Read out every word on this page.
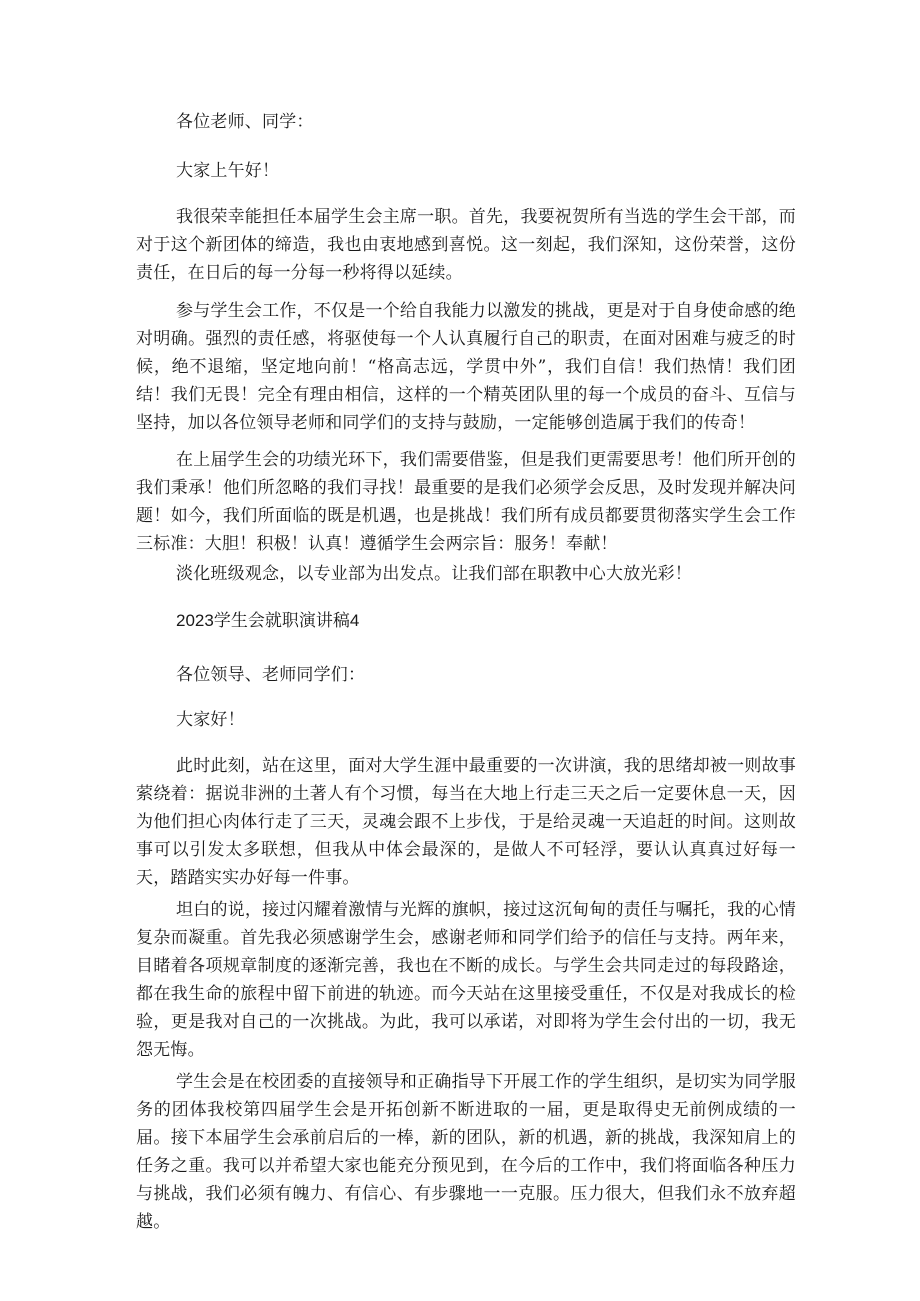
各位老师、同学：

大家上午好！

我很荣幸能担任本届学生会主席一职。首先，我要祝贺所有当选的学生会干部，而对于这个新团体的缔造，我也由衷地感到喜悦。这一刻起，我们深知，这份荣誉，这份责任，在日后的每一分每一秒将得以延续。

参与学生会工作，不仅是一个给自我能力以激发的挑战，更是对于自身使命感的绝对明确。强烈的责任感，将驱使每一个人认真履行自己的职责，在面对困难与疲乏的时候，绝不退缩，坚定地向前！“格高志远，学贯中外”，我们自信！我们热情！我们团结！我们无畏！完全有理由相信，这样的一个精英团队里的每一个成员的奋斗、互信与坚持，加以各位领导老师和同学们的支持与鼓励，一定能够创造属于我们的传奇！

在上届学生会的功绩光环下，我们需要借鉴，但是我们更需要思考！他们所开创的我们秉承！他们所忽略的我们寻找！最重要的是我们必须学会反思，及时发现并解决问题！如今，我们所面临的既是机遇，也是挑战！我们所有成员都要贯彻落实学生会工作三标准：大胆！积极！认真！遵循学生会两宗旨：服务！奉献！

淡化班级观念，以专业部为出发点。让我们部在职教中心大放光彩！

2023学生会就职演讲稿4

各位领导、老师同学们：

大家好！

此时此刻，站在这里，面对大学生涯中最重要的一次讲演，我的思绪却被一则故事萦绕着：据说非洲的土著人有个习惯，每当在大地上行走三天之后一定要休息一天，因为他们担心肉体行走了三天，灵魂会跟不上步伐，于是给灵魂一天追赶的时间。这则故事可以引发太多联想，但我从中体会最深的，是做人不可轻浮，要认认真真过好每一天，踏踏实实办好每一件事。

坦白的说，接过闪耀着激情与光辉的旗帜，接过这沉甸甸的责任与嘱托，我的心情复杂而凝重。首先我必须感谢学生会，感谢老师和同学们给予的信任与支持。两年来，目睹着各项规章制度的逐渐完善，我也在不断的成长。与学生会共同走过的每段路途，都在我生命的旅程中留下前进的轨迹。而今天站在这里接受重任，不仅是对我成长的检验，更是我对自己的一次挑战。为此，我可以承诺，对即将为学生会付出的一切，我无怨无悔。

学生会是在校团委的直接领导和正确指导下开展工作的学生组织，是切实为同学服务的团体我校第四届学生会是开拓创新不断进取的一届，更是取得史无前例成绩的一届。接下本届学生会承前启后的一棒，新的团队，新的机遇，新的挑战，我深知肩上的任务之重。我可以并希望大家也能充分预见到，在今后的工作中，我们将面临各种压力与挑战，我们必须有魄力、有信心、有步骤地一一克服。压力很大，但我们永不放弃超越。
